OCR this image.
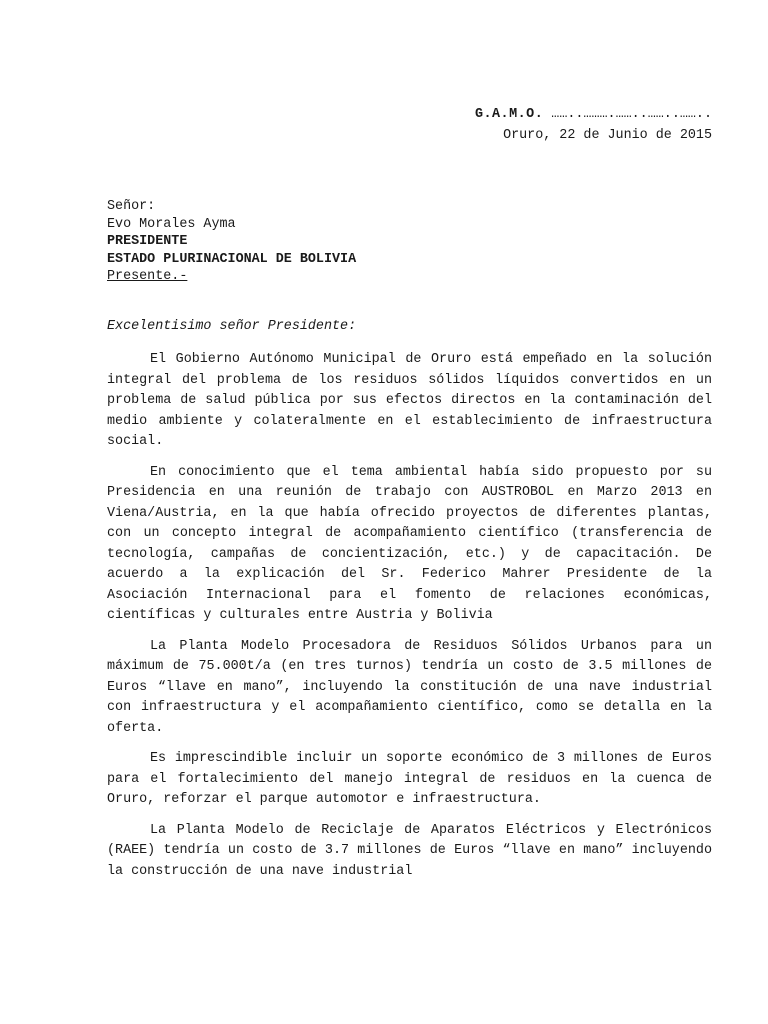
G.A.M.O. ……..……….……..……..……..
Oruro, 22 de Junio de 2015
Señor:
Evo Morales Ayma
PRESIDENTE
ESTADO PLURINACIONAL DE BOLIVIA
Presente.-
Excelentisimo señor Presidente:

El Gobierno Autónomo Municipal de Oruro está empeñado en la solución integral del problema de los residuos sólidos líquidos convertidos en un problema de salud pública por sus efectos directos en la contaminación del medio ambiente y colateralmente en el establecimiento de infraestructura social.

En conocimiento que el tema ambiental había sido propuesto por su Presidencia en una reunión de trabajo con AUSTROBOL en Marzo 2013 en Viena/Austria, en la que había ofrecido proyectos de diferentes plantas, con un concepto integral de acompañamiento científico (transferencia de tecnología, campañas de concientización, etc.) y de capacitación. De acuerdo a la explicación del Sr. Federico Mahrer Presidente de la Asociación Internacional para el fomento de relaciones económicas, científicas y culturales entre Austria y Bolivia

La Planta Modelo Procesadora de Residuos Sólidos Urbanos para un máximum de 75.000t/a (en tres turnos) tendría un costo de 3.5 millones de Euros “llave en mano”, incluyendo la constitución de una nave industrial con infraestructura y el acompañamiento científico, como se detalla en la oferta.

Es imprescindible incluir un soporte económico de 3 millones de Euros para el fortalecimiento del manejo integral de residuos en la cuenca de Oruro, reforzar el parque automotor e infraestructura.

La Planta Modelo de Reciclaje de Aparatos Eléctricos y Electrónicos (RAEE) tendría un costo de 3.7 millones de Euros “llave en mano” incluyendo la construcción de una nave industrial
